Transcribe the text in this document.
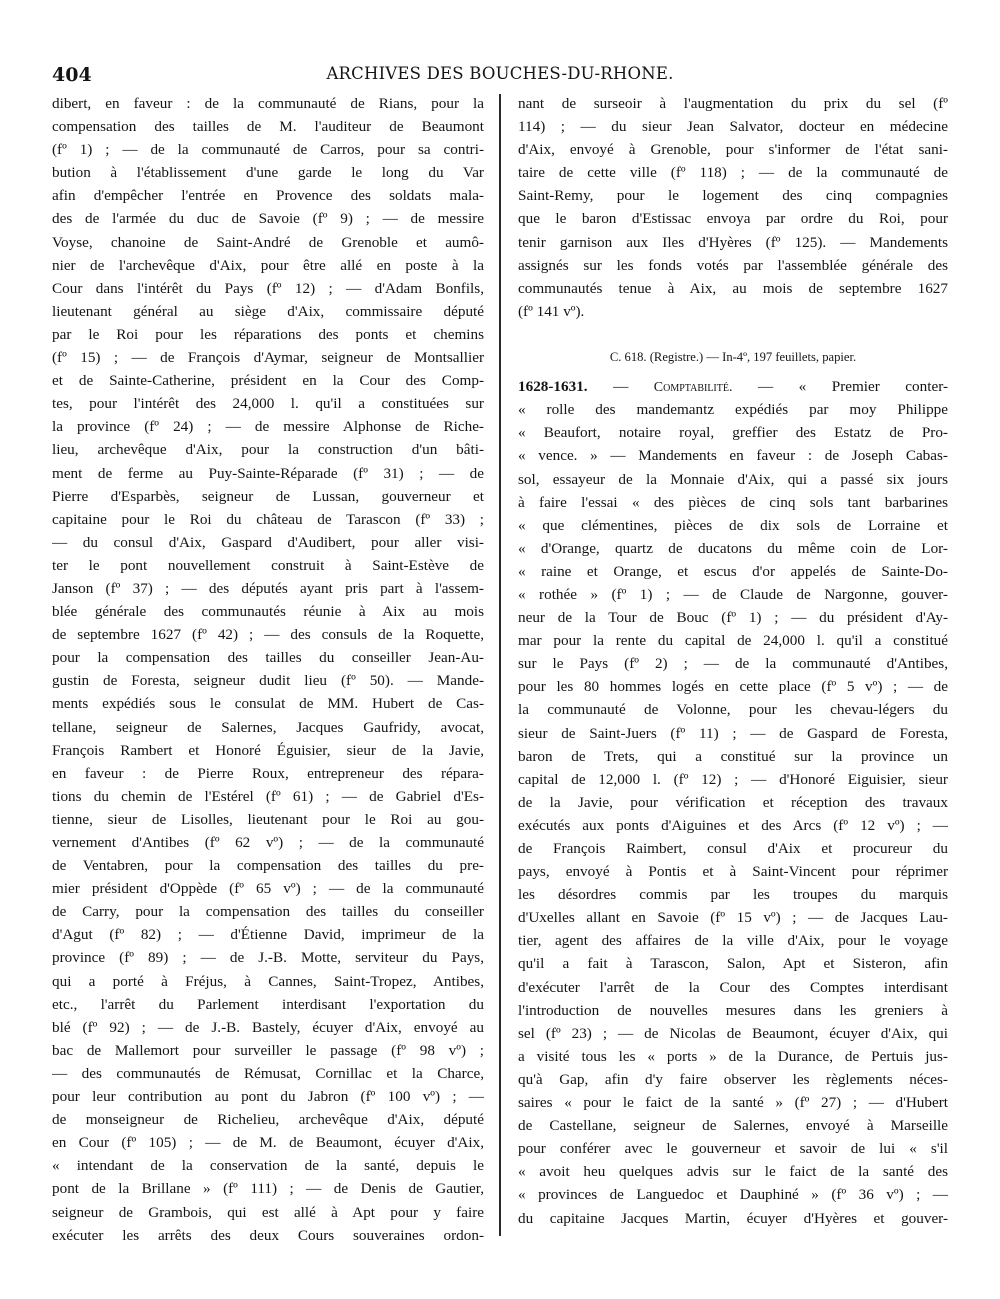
404	ARCHIVES DES BOUCHES-DU-RHONE.
dibert, en faveur : de la communauté de Rians, pour la
compensation des tailles de M. l'auditeur de Beaumont
(fº 1) ; — de la communauté de Carros, pour sa contri-
bution à l'établissement d'une garde le long du Var
afin d'empêcher l'entrée en Provence des soldats mala-
des de l'armée du duc de Savoie (fº 9) ; — de messire
Voyse, chanoine de Saint-André de Grenoble et aumô-
nier de l'archevêque d'Aix, pour être allé en poste à la
Cour dans l'intérêt du Pays (fº 12) ; — d'Adam Bonfils,
lieutenant général au siège d'Aix, commissaire député
par le Roi pour les réparations des ponts et chemins
(fº 15) ; — de François d'Aymar, seigneur de Montsallier
et de Sainte-Catherine, président en la Cour des Comp-
tes, pour l'intérêt des 24,000 l. qu'il a constituées sur
la province (fº 24) ; — de messire Alphonse de Riche-
lieu, archevêque d'Aix, pour la construction d'un bâti-
ment de ferme au Puy-Sainte-Réparade (fº 31) ; — de
Pierre d'Esparbès, seigneur de Lussan, gouverneur et
capitaine pour le Roi du château de Tarascon (fº 33) ;
— du consul d'Aix, Gaspard d'Audibert, pour aller visi-
ter le pont nouvellement construit à Saint-Estève de
Janson (fº 37) ; — des députés ayant pris part à l'assem-
blée générale des communautés réunie à Aix au mois
de septembre 1627 (fº 42) ; — des consuls de la Roquette,
pour la compensation des tailles du conseiller Jean-Au-
gustin de Foresta, seigneur dudit lieu (fº 50). — Mande-
ments expédiés sous le consulat de MM. Hubert de Cas-
tellane, seigneur de Salernes, Jacques Gaufridy, avocat,
François Rambert et Honoré Éguisier, sieur de la Javie,
en faveur : de Pierre Roux, entrepreneur des répara-
tions du chemin de l'Estérel (fº 61) ; — de Gabriel d'Es-
tienne, sieur de Lisolles, lieutenant pour le Roi au gou-
vernement d'Antibes (fº 62 vº) ; — de la communauté
de Ventabren, pour la compensation des tailles du pre-
mier président d'Oppède (fº 65 vº) ; — de la communauté
de Carry, pour la compensation des tailles du conseiller
d'Agut (fº 82) ; — d'Étienne David, imprimeur de la
province (fº 89) ; — de J.-B. Motte, serviteur du Pays,
qui a porté à Fréjus, à Cannes, Saint-Tropez, Antibes,
etc., l'arrêt du Parlement interdisant l'exportation du
blé (fº 92) ; — de J.-B. Bastely, écuyer d'Aix, envoyé au
bac de Mallemort pour surveiller le passage (fº 98 vº) ;
— des communautés de Rémusat, Cornillac et la Charce,
pour leur contribution au pont du Jabron (fº 100 vº) ; —
de monseigneur de Richelieu, archevêque d'Aix, député
en Cour (fº 105) ; — de M. de Beaumont, écuyer d'Aix,
« intendant de la conservation de la santé, depuis le
pont de la Brillane » (fº 111) ; — de Denis de Gautier,
seigneur de Grambois, qui est allé à Apt pour y faire
exécuter les arrêts des deux Cours souveraines ordon-
nant de surseoir à l'augmentation du prix du sel (fº
114) ; — du sieur Jean Salvator, docteur en médecine
d'Aix, envoyé à Grenoble, pour s'informer de l'état sani-
taire de cette ville (fº 118) ; — de la communauté de
Saint-Remy, pour le logement des cinq compagnies
que le baron d'Estissac envoya par ordre du Roi, pour
tenir garnison aux Iles d'Hyères (fº 125). — Mandements
assignés sur les fonds votés par l'assemblée générale des
communautés tenue à Aix, au mois de septembre 1627
(fº 141 vº).
C. 618. (Registre.) — In-4º, 197 feuillets, papier.
1628-1631. — Comptabilité. — « Premier conter-
« rolle des mandemantz expédiés par moy Philippe
« Beaufort, notaire royal, greffier des Estatz de Pro-
« vence. » — Mandements en faveur : de Joseph Cabas-
sol, essayeur de la Monnaie d'Aix, qui a passé six jours
à faire l'essai « des pièces de cinq sols tant barbarines
« que clémentines, pièces de dix sols de Lorraine et
« d'Orange, quartz de ducatons du même coin de Lor-
« raine et Orange, et escus d'or appelés de Sainte-Do-
« rothée » (fº 1) ; — de Claude de Nargonne, gouver-
neur de la Tour de Bouc (fº 1) ; — du président d'Ay-
mar pour la rente du capital de 24,000 l. qu'il a constitué
sur le Pays (fº 2) ; — de la communauté d'Antibes,
pour les 80 hommes logés en cette place (fº 5 vº) ; — de
la communauté de Volonne, pour les chevau-légers du
sieur de Saint-Juers (fº 11) ; — de Gaspard de Foresta,
baron de Trets, qui a constitué sur la province un
capital de 12,000 l. (fº 12) ; — d'Honoré Eiguisier, sieur
de la Javie, pour vérification et réception des travaux
exécutés aux ponts d'Aiguines et des Arcs (fº 12 vº) ; —
de François Raimbert, consul d'Aix et procureur du
pays, envoyé à Pontis et à Saint-Vincent pour réprimer
les désordres commis par les troupes du marquis
d'Uxelles allant en Savoie (fº 15 vº) ; — de Jacques Lau-
tier, agent des affaires de la ville d'Aix, pour le voyage
qu'il a fait à Tarascon, Salon, Apt et Sisteron, afin
d'exécuter l'arrêt de la Cour des Comptes interdisant
l'introduction de nouvelles mesures dans les greniers à
sel (fº 23) ; — de Nicolas de Beaumont, écuyer d'Aix, qui
a visité tous les « ports » de la Durance, de Pertuis jus-
qu'à Gap, afin d'y faire observer les règlements néces-
saires « pour le faict de la santé » (fº 27) ; — d'Hubert
de Castellane, seigneur de Salernes, envoyé à Marseille
pour conférer avec le gouverneur et savoir de lui « s'il
« avoit heu quelques advis sur le faict de la santé des
« provinces de Languedoc et Dauphiné » (fº 36 vº) ; —
du capitaine Jacques Martin, écuyer d'Hyères et gouver-
